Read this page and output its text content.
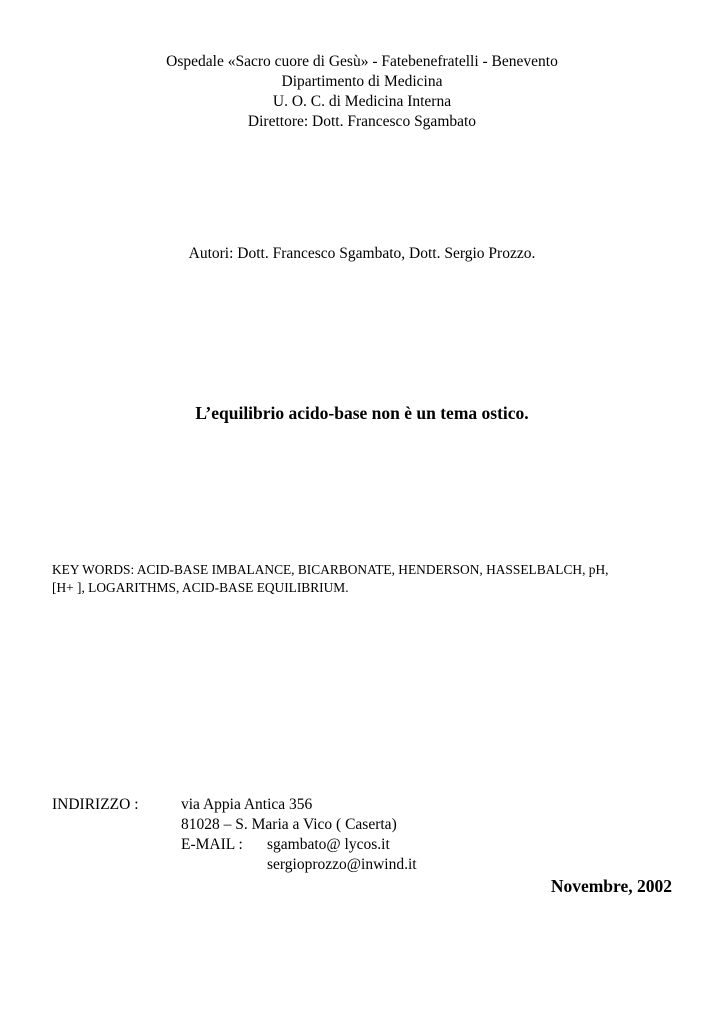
Ospedale «Sacro cuore di Gesù» - Fatebenefratelli - Benevento
Dipartimento di Medicina
U. O. C. di Medicina Interna
Direttore: Dott. Francesco Sgambato
Autori: Dott. Francesco Sgambato, Dott. Sergio Prozzo.
L’equilibrio acido-base non è un tema ostico.
KEY WORDS: ACID-BASE IMBALANCE, BICARBONATE, HENDERSON, HASSELBALCH, pH,
[H+ ], LOGARITHMS, ACID-BASE EQUILIBRIUM.
INDIRIZZO :	via Appia Antica 356
81028 – S. Maria a Vico ( Caserta)
E-MAIL : sgambato@ lycos.it
sergioprozzo@inwind.it
Novembre, 2002
